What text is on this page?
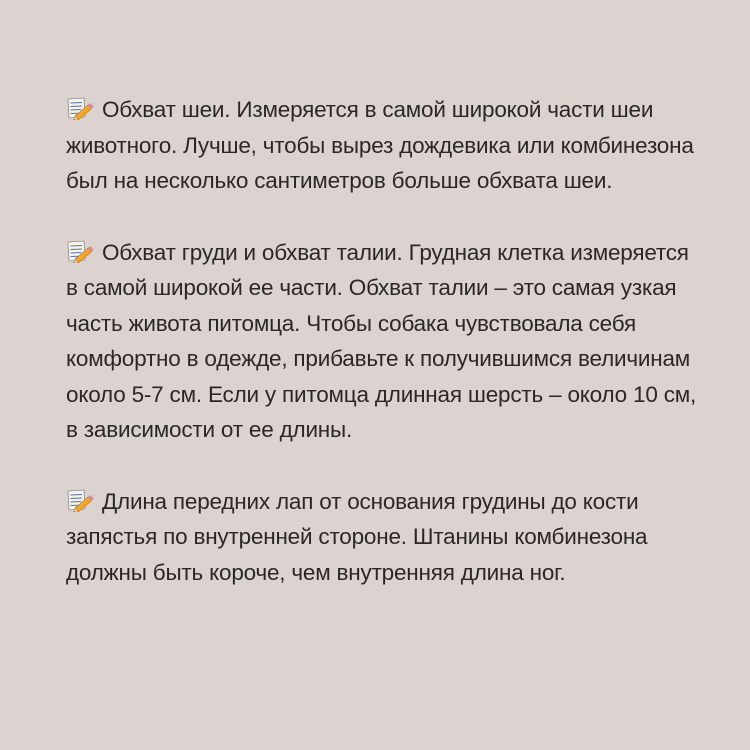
Обхват шеи. Измеряется в самой широкой части шеи животного. Лучше, чтобы вырез дождевика или комбинезона был на несколько сантиметров больше обхвата шеи.

Обхват груди и обхват талии. Грудная клетка измеряется в самой широкой ее части. Обхват талии – это самая узкая часть живота питомца. Чтобы собака чувствовала себя комфортно в одежде, прибавьте к получившимся величинам около 5-7 см. Если у питомца длинная шерсть – около 10 см, в зависимости от ее длины.

Длина передних лап от основания грудины до кости запястья по внутренней стороне. Штанины комбинезона должны быть короче, чем внутренняя длина ног.
